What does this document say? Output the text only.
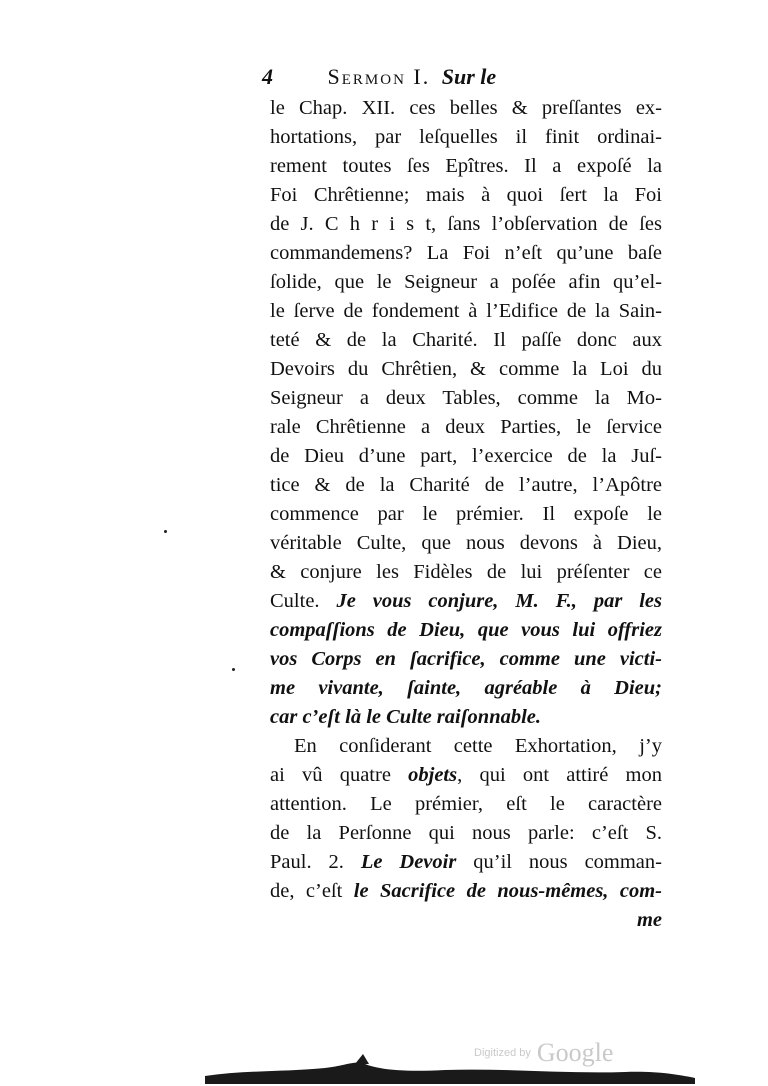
4 Sermon I. Sur le
le Chap. XII. ces belles & preſſantes ex-
hortations, par leſquelles il finit ordinai-
rement toutes ſes Epîtres. Il a expoſé la
Foi Chrêtienne; mais à quoi ſert la Foi
de J. C h r i s t, ſans l’obſervation de ſes
commandemens? La Foi n’eſt qu’une baſe
ſolide, que le Seigneur a poſée afin qu’el-
le ſerve de fondement à l’Edifice de la Sain-
teté & de la Charité. Il paſſe donc aux
Devoirs du Chrêtien, & comme la Loi du
Seigneur a deux Tables, comme la Mo-
rale Chrêtienne a deux Parties, le ſervice
de Dieu d’une part, l’exercice de la Juſ-
tice & de la Charité de l’autre, l’Apôtre
commence par le prémier. Il expoſe le
véritable Culte, que nous devons à Dieu,
& conjure les Fidèles de lui préſenter ce
Culte. Je vous conjure, M. F., par les
compaſſions de Dieu, que vous lui offriez
vos Corps en ſacrifice, comme une victi-
me vivante, ſainte, agréable à Dieu;
car c’eſt là le Culte raiſonnable.
En conſiderant cette Exhortation, j’y
ai vû quatre objets, qui ont attiré mon
attention. Le prémier, eſt le caractère
de la Perſonne qui nous parle: c’eſt S.
Paul. 2. Le Devoir qu’il nous comman-
de, c’eſt le Sacrifice de nous-mêmes, com-
me
Digitized by Google
